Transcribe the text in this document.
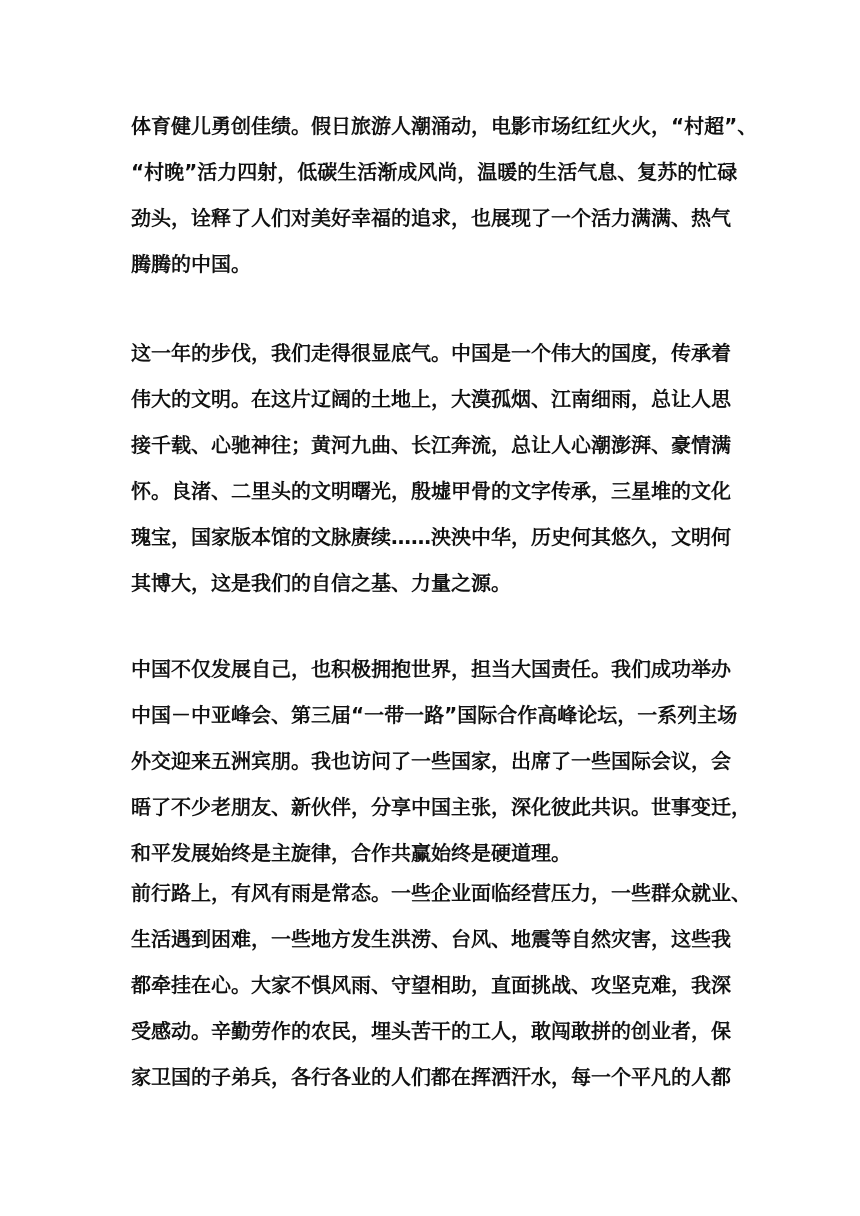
体育健儿勇创佳绩。假日旅游人潮涌动，电影市场红红火火，“村超”、
“村晚”活力四射，低碳生活渐成风尚，温暖的生活气息、复苏的忙碌
劲头，诠释了人们对美好幸福的追求，也展现了一个活力满满、热气
腾腾的中国。

这一年的步伐，我们走得很显底气。中国是一个伟大的国度，传承着
伟大的文明。在这片辽阔的土地上，大漠孤烟、江南细雨，总让人思
接千载、心驰神往；黄河九曲、长江奔流，总让人心潮澎湃、豪情满
怀。良渚、二里头的文明曙光，殷墟甲骨的文字传承，三星堆的文化
瑰宝，国家版本馆的文脉赓续……泱泱中华，历史何其悠久，文明何
其博大，这是我们的自信之基、力量之源。

中国不仅发展自己，也积极拥抱世界，担当大国责任。我们成功举办
中国－中亚峰会、第三届“一带一路”国际合作高峰论坛，一系列主场
外交迎来五洲宾朋。我也访问了一些国家，出席了一些国际会议，会
晤了不少老朋友、新伙伴，分享中国主张，深化彼此共识。世事变迁，
和平发展始终是主旋律，合作共赢始终是硬道理。

前行路上，有风有雨是常态。一些企业面临经营压力，一些群众就业、
生活遇到困难，一些地方发生洪涝、台风、地震等自然灾害，这些我
都牵挂在心。大家不惧风雨、守望相助，直面挑战、攻坚克难，我深
受感动。辛勤劳作的农民，埋头苦干的工人，敢闯敢拼的创业者，保
家卫国的子弟兵，各行各业的人们都在挥洒汗水，每一个平凡的人都
